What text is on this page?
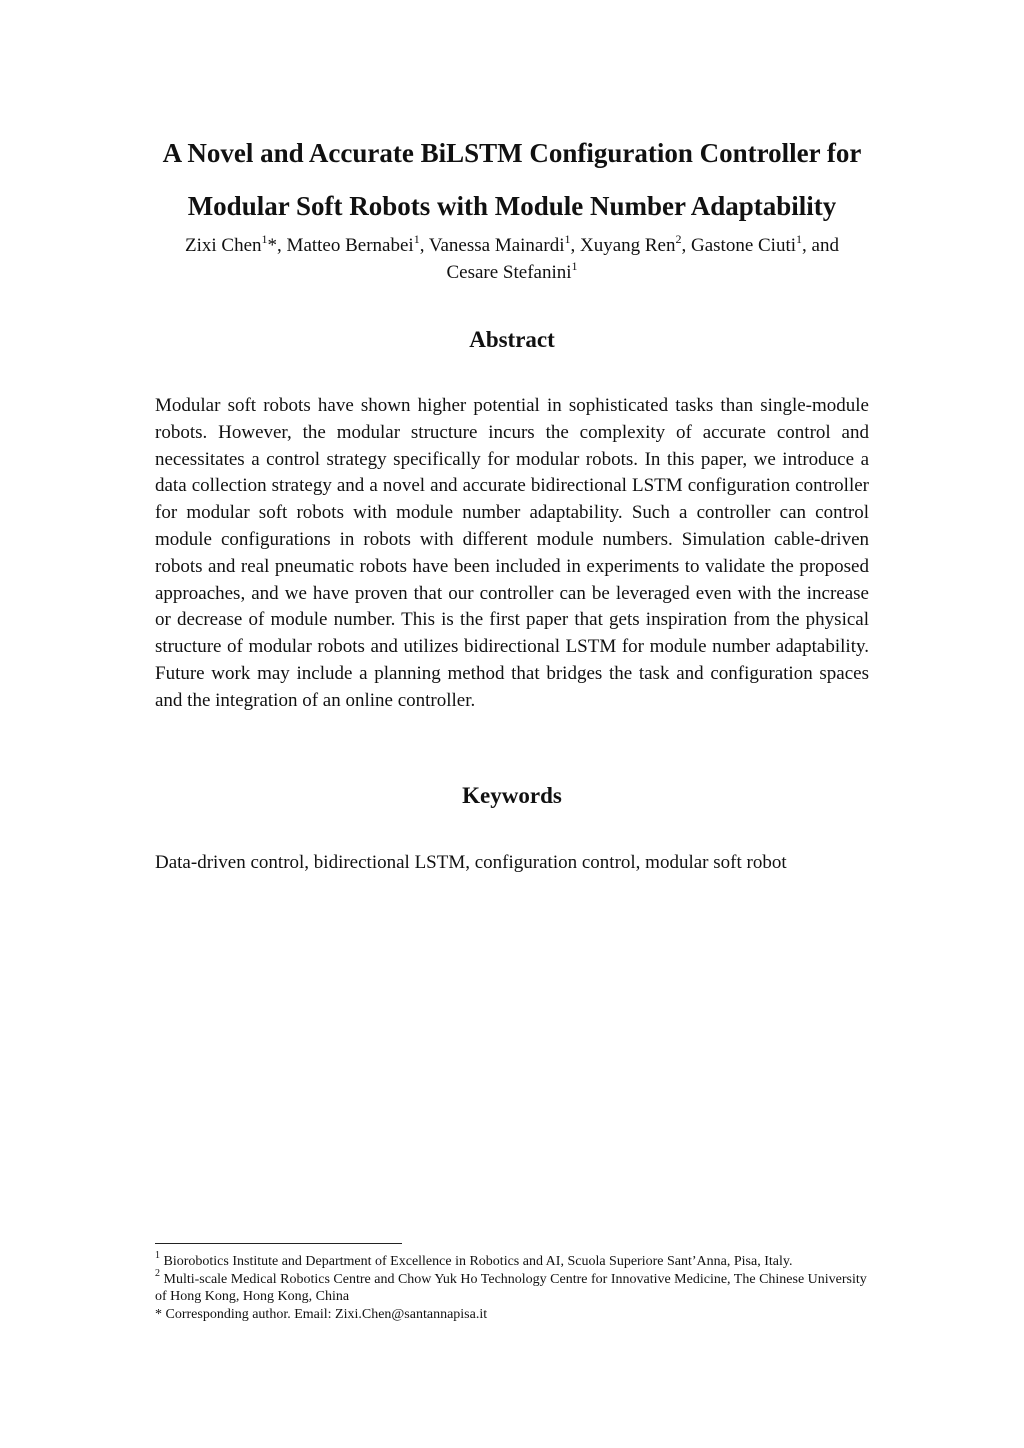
A Novel and Accurate BiLSTM Configuration Controller for
Modular Soft Robots with Module Number Adaptability

Zixi Chen$^1$*, Matteo Bernabei$^1$, Vanessa Mainardi$^1$, Xuyang Ren$^2$, Gastone Ciuti$^1$, and
Cesare Stefanini$^1$

Abstract

Modular soft robots have shown higher potential in sophisticated tasks than single-module robots. However, the modular structure incurs the complexity of accurate control and necessitates a control strategy specifically for modular robots. In this paper, we introduce a data collection strategy and a novel and accurate bidirectional LSTM configuration controller for modular soft robots with module number adaptability. Such a controller can control module configurations in robots with different module numbers. Simulation cable-driven robots and real pneumatic robots have been included in experiments to validate the proposed approaches, and we have proven that our controller can be leveraged even with the increase or decrease of module number. This is the first paper that gets inspiration from the physical structure of modular robots and utilizes bidirectional LSTM for module number adaptability. Future work may include a planning method that bridges the task and configuration spaces and the integration of an online controller.

Keywords

Data-driven control, bidirectional LSTM, configuration control, modular soft robot

$^1$ Biorobotics Institute and Department of Excellence in Robotics and AI, Scuola Superiore Sant’Anna, Pisa, Italy.

$^2$ Multi-scale Medical Robotics Centre and Chow Yuk Ho Technology Centre for Innovative Medicine, The Chinese University of Hong Kong, Hong Kong, China

* Corresponding author. Email: Zixi.Chen@santannapisa.it
